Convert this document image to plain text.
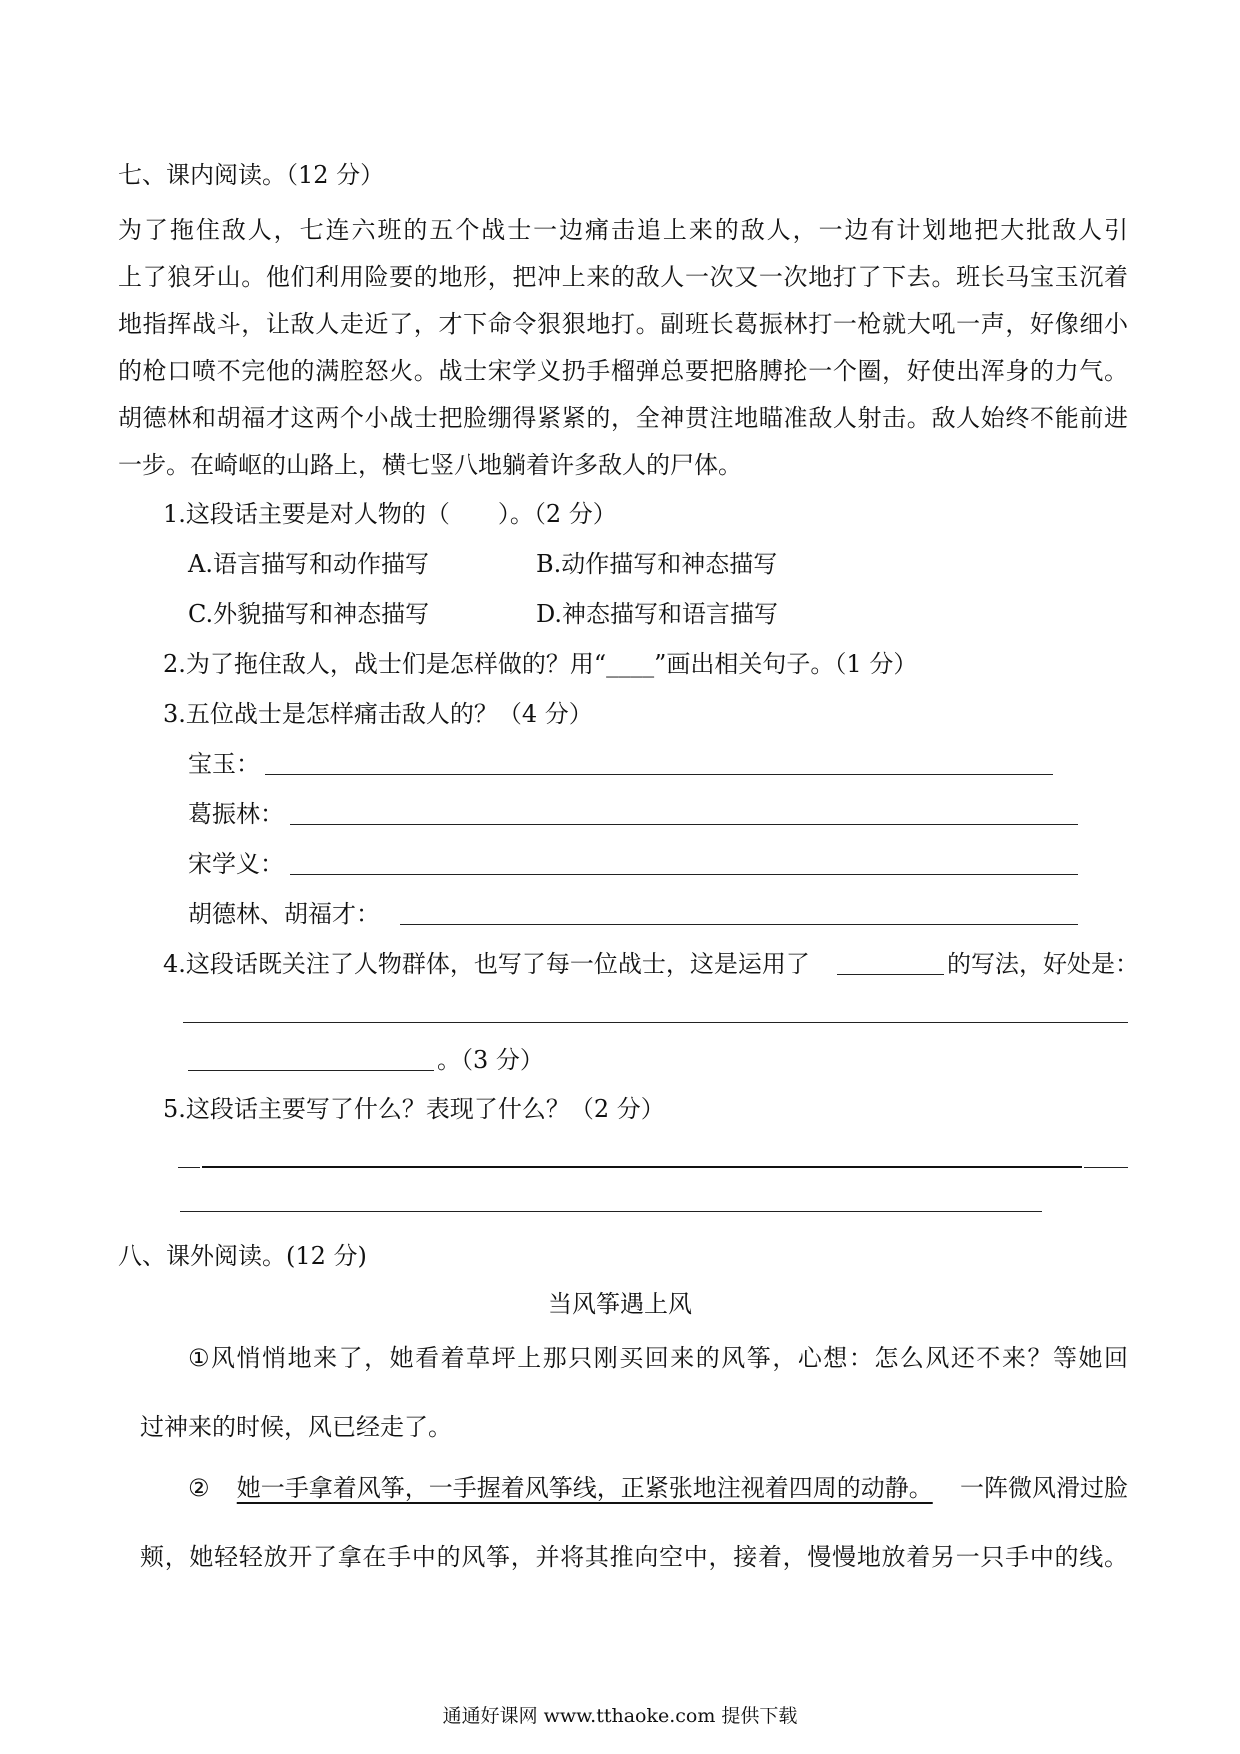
七、课内阅读。（12 分）
为了拖住敌人，七连六班的五个战士一边痛击追上来的敌人，一边有计划地把大批敌人引
上了狼牙山。他们利用险要的地形，把冲上来的敌人一次又一次地打了下去。班长马宝玉沉着
地指挥战斗，让敌人走近了，才下命令狠狠地打。副班长葛振林打一枪就大吼一声，好像细小
的枪口喷不完他的满腔怒火。战士宋学义扔手榴弹总要把胳膊抡一个圈，好使出浑身的力气。
胡德林和胡福才这两个小战士把脸绷得紧紧的，全神贯注地瞄准敌人射击。敌人始终不能前进
一步。在崎岖的山路上，横七竖八地躺着许多敌人的尸体。
1.这段话主要是对人物的（　　）。（2 分）
A.语言描写和动作描写	B.动作描写和神态描写
C.外貌描写和神态描写	D.神态描写和语言描写
2.为了拖住敌人，战士们是怎样做的？用“____”画出相关句子。（1 分）
3.五位战士是怎样痛击敌人的？（4 分）
宝玉：
葛振林：
宋学义：
胡德林、胡福才：
4.这段话既关注了人物群体，也写了每一位战士，这是运用了	的写法，好处是：
。（3 分）
5.这段话主要写了什么？表现了什么？（2 分）
八、课外阅读。(12 分)
当风筝遇上风
①风悄悄地来了，她看着草坪上那只刚买回来的风筝，心想：怎么风还不来？等她回
过神来的时候，风已经走了。
② 她一手拿着风筝，一手握着风筝线，正紧张地注视着四周的动静。 一阵微风滑过脸
颊，她轻轻放开了拿在手中的风筝，并将其推向空中，接着，慢慢地放着另一只手中的线。
通通好课网 www.tthaoke.com 提供下载
